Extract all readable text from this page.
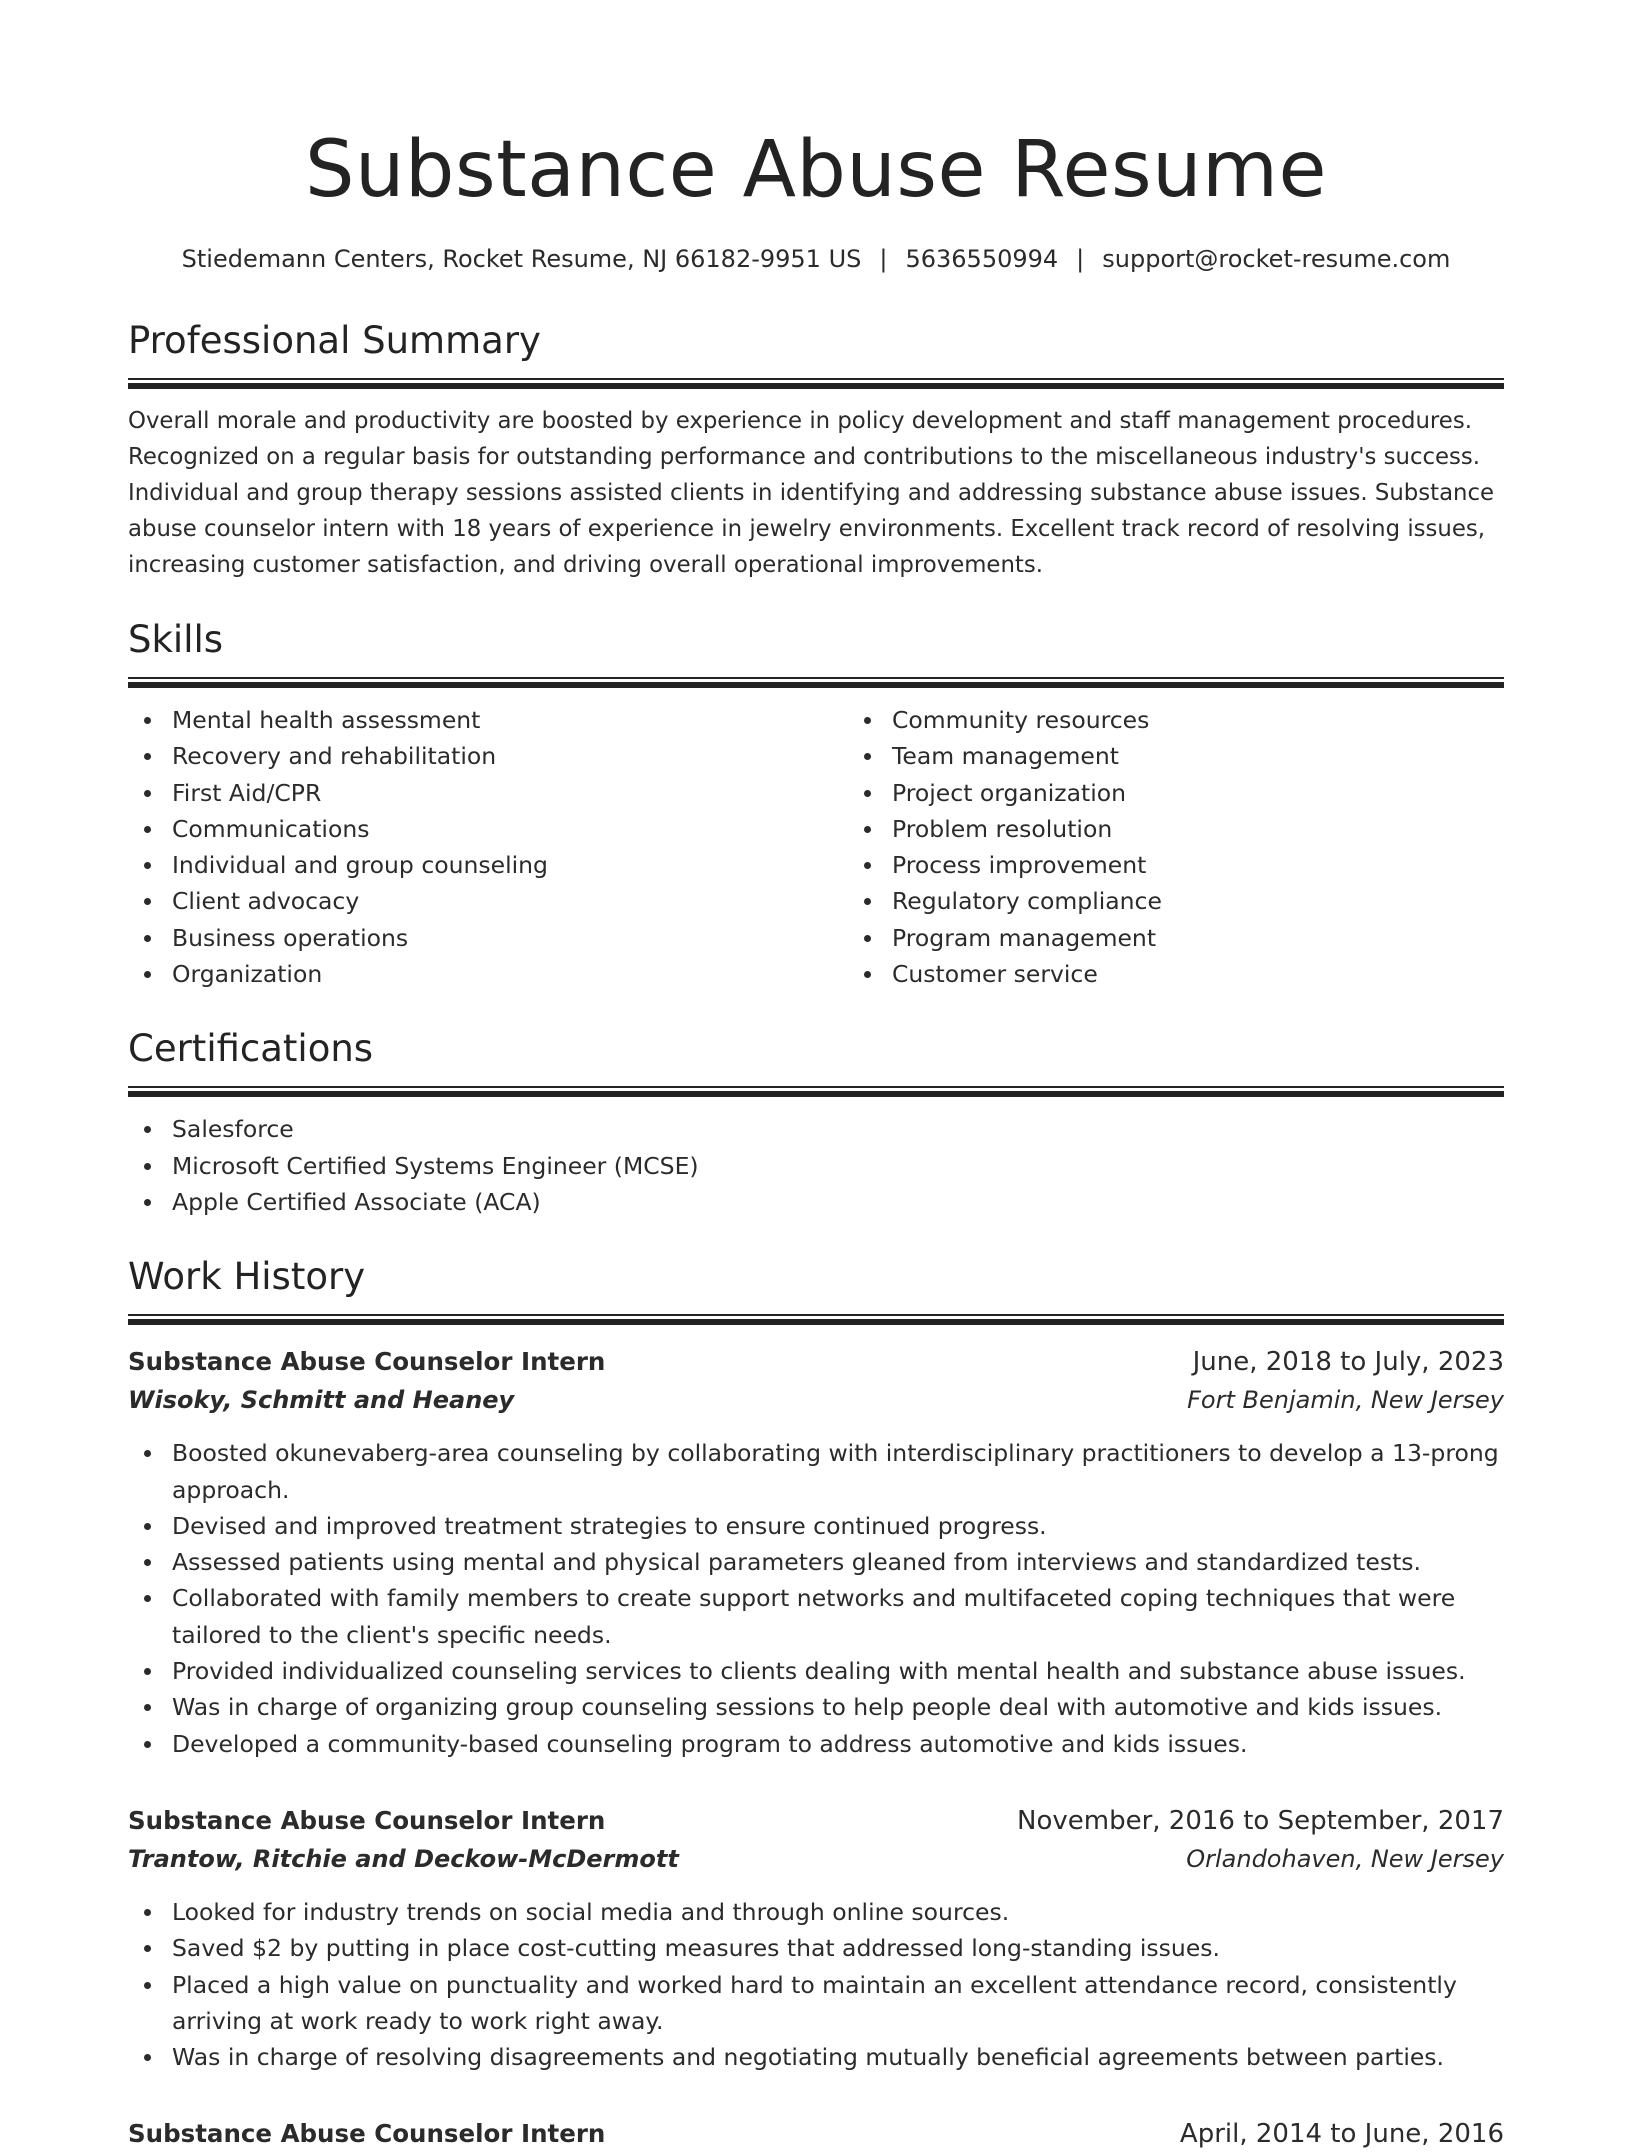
Substance Abuse Resume
Stiedemann Centers, Rocket Resume, NJ 66182-9951 US | 5636550994 | support@rocket-resume.com
Professional Summary
Overall morale and productivity are boosted by experience in policy development and staff management procedures. Recognized on a regular basis for outstanding performance and contributions to the miscellaneous industry's success. Individual and group therapy sessions assisted clients in identifying and addressing substance abuse issues. Substance abuse counselor intern with 18 years of experience in jewelry environments. Excellent track record of resolving issues, increasing customer satisfaction, and driving overall operational improvements.
Skills
Mental health assessment
Recovery and rehabilitation
First Aid/CPR
Communications
Individual and group counseling
Client advocacy
Business operations
Organization
Community resources
Team management
Project organization
Problem resolution
Process improvement
Regulatory compliance
Program management
Customer service
Certifications
Salesforce
Microsoft Certified Systems Engineer (MCSE)
Apple Certified Associate (ACA)
Work History
Substance Abuse Counselor Intern	June, 2018 to July, 2023
Wisoky, Schmitt and Heaney	Fort Benjamin, New Jersey
Boosted okunevaberg-area counseling by collaborating with interdisciplinary practitioners to develop a 13-prong approach.
Devised and improved treatment strategies to ensure continued progress.
Assessed patients using mental and physical parameters gleaned from interviews and standardized tests.
Collaborated with family members to create support networks and multifaceted coping techniques that were tailored to the client's specific needs.
Provided individualized counseling services to clients dealing with mental health and substance abuse issues.
Was in charge of organizing group counseling sessions to help people deal with automotive and kids issues.
Developed a community-based counseling program to address automotive and kids issues.
Substance Abuse Counselor Intern	November, 2016 to September, 2017
Trantow, Ritchie and Deckow-McDermott	Orlandohaven, New Jersey
Looked for industry trends on social media and through online sources.
Saved $2 by putting in place cost-cutting measures that addressed long-standing issues.
Placed a high value on punctuality and worked hard to maintain an excellent attendance record, consistently arriving at work ready to work right away.
Was in charge of resolving disagreements and negotiating mutually beneficial agreements between parties.
Substance Abuse Counselor Intern	April, 2014 to June, 2016
